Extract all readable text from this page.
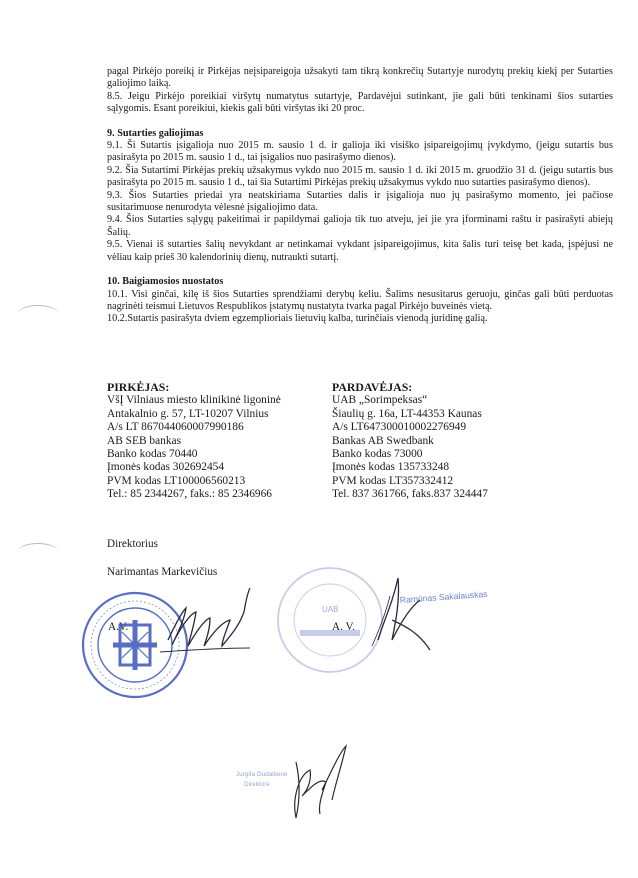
pagal Pirkėjo poreikį ir Pirkėjas neįsipareigoja užsakyti tam tikrą konkrečių Sutartyje nurodytų prekių kiekį per Sutarties galiojimo laiką.

8.5. Jeigu Pirkėjo poreikiai viršytų numatytus sutartyje, Pardavėjui sutinkant, jie gali būti tenkinami šios sutarties sąlygomis. Esant poreikiui, kiekis gali būti viršytas iki 20 proc.

9. Sutarties galiojimas

9.1. Ši Sutartis įsigalioja nuo 2015 m. sausio 1 d. ir galioja iki visiško įsipareigojimų įvykdymo, (jeigu sutartis bus pasirašyta po 2015 m. sausio 1 d., tai įsigalios nuo pasirašymo dienos).

9.2. Šia Sutartimi Pirkėjas prekių užsakymus vykdo nuo 2015 m. sausio 1 d. iki 2015 m. gruodžio 31 d. (jeigu sutartis bus pasirašyta po 2015 m. sausio 1 d., tai šia Sutartimi Pirkėjas prekių užsakymus vykdo nuo sutarties pasirašymo dienos).

9.3. Šios Sutarties priedai yra neatskiriama Sutarties dalis ir įsigalioja nuo jų pasirašymo momento, jei pačiose susitarimuose nenurodyta vėlesnė įsigaliojimo data.

9.4. Šios Sutarties sąlygų pakeitimai ir papildymai galioja tik tuo atveju, jei jie yra įforminami raštu ir pasirašyti abiejų Šalių.

9.5. Vienai iš sutarties šalių nevykdant ar netinkamai vykdant įsipareigojimus, kita šalis turi teisę bet kada, įspėjusi ne vėliau kaip prieš 30 kalendorinių dienų, nutraukti sutartį.

10. Baigiamosios nuostatos

10.1. Visi ginčai, kilę iš šios Sutarties sprendžiami derybų keliu. Šalims nesusitarus geruoju, ginčas gali būti perduotas nagrinėti teismui Lietuvos Respublikos įstatymų nustatyta tvarka pagal Pirkėjo buveinės vietą.

10.2.Sutartis pasirašyta dviem egzemplioriais lietuvių kalba, turinčiais vienodą juridinę galią.

PIRKĖJAS:
VšĮ Vilniaus miesto klinikinė ligoninė
Antakalnio g. 57, LT-10207 Vilnius
A/s LT 867044060007990186
AB SEB bankas
Banko kodas 70440
Įmonės kodas 302692454
PVM kodas LT100006560213
Tel.: 85 2344267, faks.: 85 2346966
PARDAVĖJAS:
UAB „Sorimpeksas“
Šiaulių g. 16a, LT-44353 Kaunas
A/s LT647300010002276949
Bankas AB Swedbank
Banko kodas 73000
Įmonės kodas 135733248
PVM kodas LT357332412
Tel. 837 361766, faks.837 324447
Direktorius
Narimantas Markevičius
A.V.	A. V.
UAB
Ramūnas Sakalauskas
Jurgita Dudaitienė
Direktorė
